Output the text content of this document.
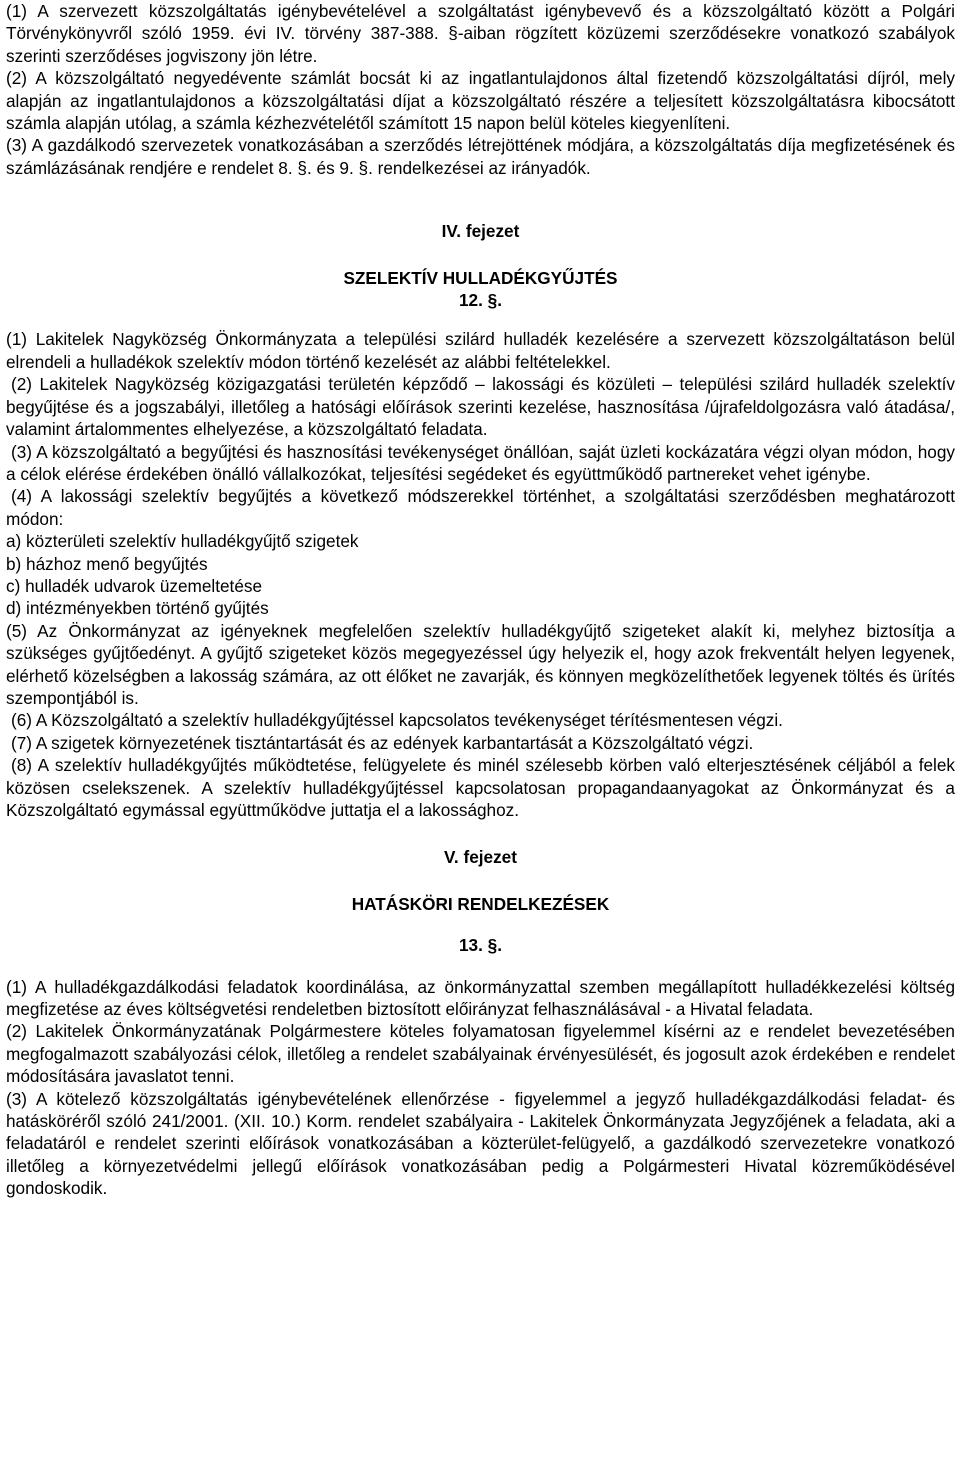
(1) A szervezett közszolgáltatás igénybevételével a szolgáltatást igénybevevő és a közszolgáltató között a Polgári Törvénykönyvről szóló 1959. évi IV. törvény 387-388. §-aiban rögzített közüzemi szerződésekre vonatkozó szabályok szerinti szerződéses jogviszony jön létre.

(2) A közszolgáltató negyedévente számlát bocsát ki az ingatlantulajdonos által fizetendő közszolgáltatási díjról, mely alapján az ingatlantulajdonos a közszolgáltatási díjat a közszolgáltató részére a teljesített közszolgáltatásra kibocsátott számla alapján utólag, a számla kézhezvételétől számított 15 napon belül köteles kiegyenlíteni.

(3) A gazdálkodó szervezetek vonatkozásában a szerződés létrejöttének módjára, a közszolgáltatás díja megfizetésének és számlázásának rendjére e rendelet 8. §. és 9. §. rendelkezései az irányadók.

IV. fejezet

SZELEKTÍV HULLADÉKGYŰJTÉS

12. §.

(1) Lakitelek Nagyközség Önkormányzata a települési szilárd hulladék kezelésére a szervezett közszolgáltatáson belül elrendeli a hulladékok szelektív módon történő kezelését az alábbi feltételekkel.

(2) Lakitelek Nagyközség közigazgatási területén képződő – lakossági és közületi – települési szilárd hulladék szelektív begyűjtése és a jogszabályi, illetőleg a hatósági előírások szerinti kezelése, hasznosítása /újrafeldolgozásra való átadása/, valamint ártalommentes elhelyezése, a közszolgáltató feladata.

(3) A közszolgáltató a begyűjtési és hasznosítási tevékenységet önállóan, saját üzleti kockázatára végzi olyan módon, hogy a célok elérése érdekében önálló vállalkozókat, teljesítési segédeket és együttműködő partnereket vehet igénybe.

(4) A lakossági szelektív begyűjtés a következő módszerekkel történhet, a szolgáltatási szerződésben meghatározott módon:

a) közterületi szelektív hulladékgyűjtő szigetek
b) házhoz menő begyűjtés
c) hulladék udvarok üzemeltetése
d) intézményekben történő gyűjtés

(5) Az Önkormányzat az igényeknek megfelelően szelektív hulladékgyűjtő szigeteket alakít ki, melyhez biztosítja a szükséges gyűjtőedényt. A gyűjtő szigeteket közös megegyezéssel úgy helyezik el, hogy azok frekventált helyen legyenek, elérhető közelségben a lakosság számára, az ott élőket ne zavarják, és könnyen megközelíthetőek legyenek töltés és ürítés szempontjából is.

(6) A Közszolgáltató a szelektív hulladékgyűjtéssel kapcsolatos tevékenységet térítésmentesen végzi.

(7) A szigetek környezetének tisztántartását és az edények karbantartását a Közszolgáltató végzi.

(8) A szelektív hulladékgyűjtés működtetése, felügyelete és minél szélesebb körben való elterjesztésének céljából a felek közösen cselekszenek. A szelektív hulladékgyűjtéssel kapcsolatosan propagandaanyagokat az Önkormányzat és a Közszolgáltató egymással együttműködve juttatja el a lakossághoz.

V. fejezet

HATÁSKÖRI RENDELKEZÉSEK

13. §.

(1) A hulladékgazdálkodási feladatok koordinálása, az önkormányzattal szemben megállapított hulladékkezelési költség megfizetése az éves költségvetési rendeletben biztosított előirányzat felhasználásával - a Hivatal feladata.

(2) Lakitelek Önkormányzatának Polgármestere köteles folyamatosan figyelemmel kísérni az e rendelet bevezetésében megfogalmazott szabályozási célok, illetőleg a rendelet szabályainak érvényesülését, és jogosult azok érdekében e rendelet módosítására javaslatot tenni.

(3) A kötelező közszolgáltatás igénybevételének ellenőrzése - figyelemmel a jegyző hulladékgazdálkodási feladat- és hatásköréről szóló 241/2001. (XII. 10.) Korm. rendelet szabályaira - Lakitelek Önkormányzata Jegyzőjének a feladata, aki a feladatáról e rendelet szerinti előírások vonatkozásában a közterület-felügyelő, a gazdálkodó szervezetekre vonatkozó illetőleg a környezetvédelmi jellegű előírások vonatkozásában pedig a Polgármesteri Hivatal közreműködésével gondoskodik.
